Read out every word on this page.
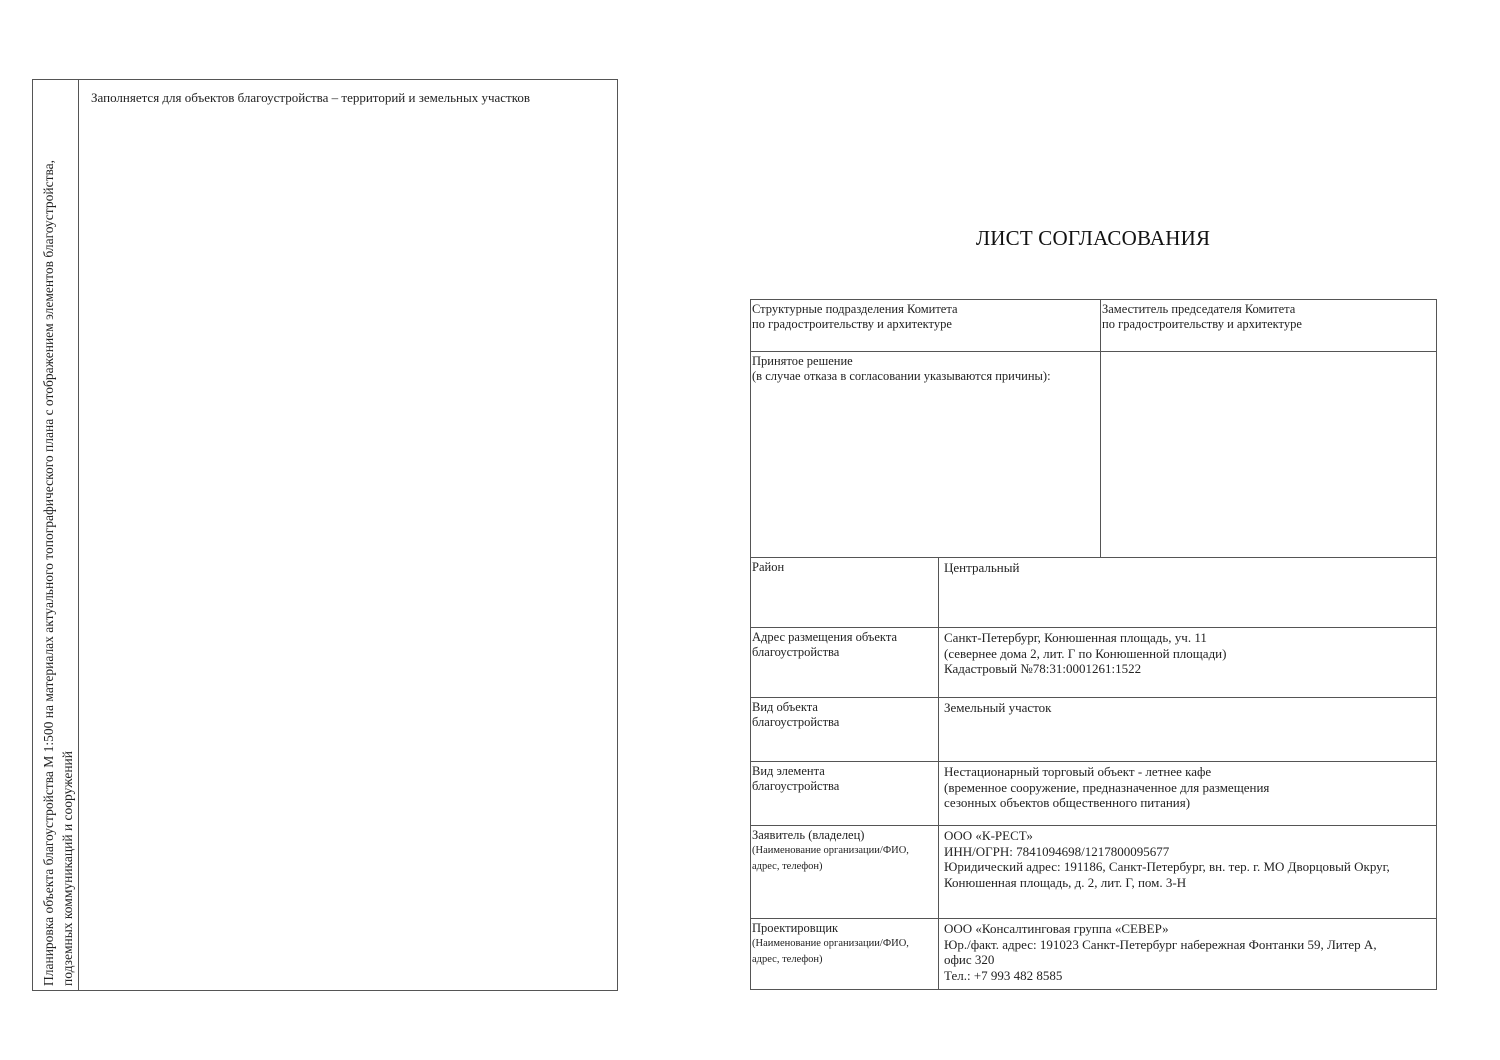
Планировка объекта благоустройства М 1:500 на материалах актуального топографического плана с отображением элементов благоустройства, подземных коммуникаций и сооружений
Заполняется для объектов благоустройства – территорий и земельных участков
ЛИСТ СОГЛАСОВАНИЯ
Структурные подразделения Комитета
по градостроительству и архитектуре		Заместитель председателя Комитета
по градостроительству и архитектуре

Принятое решение
(в случае отказа в согласовании указываются причины):		

Район	Центральный	

Адрес размещения объекта
благоустройства	Санкт-Петербург, Конюшенная площадь, уч. 11
(севернее дома 2, лит. Г по Конюшенной площади)
Кадастровый №78:31:0001261:1522	

Вид объекта
благоустройства	Земельный участок	

Вид элемента
благоустройства	Нестационарный торговый объект - летнее кафе
(временное сооружение, предназначенное для размещения
сезонных объектов общественного питания)	

Заявитель (владелец)
(Наименование организации/ФИО,
адрес, телефон)	ООО «К-РЕСТ»
ИНН/ОГРН: 7841094698/1217800095677
Юридический адрес: 191186, Санкт-Петербург, вн. тер. г. МО Дворцовый Округ,
Конюшенная площадь, д. 2, лит. Г, пом. 3-Н	

Проектировщик
(Наименование организации/ФИО,
адрес, телефон)	ООО «Консалтинговая группа «СЕВЕР»
Юр./факт. адрес: 191023 Санкт-Петербург набережная Фонтанки 59, Литер А,
офис 320
Тел.: +7 993 482 8585	
